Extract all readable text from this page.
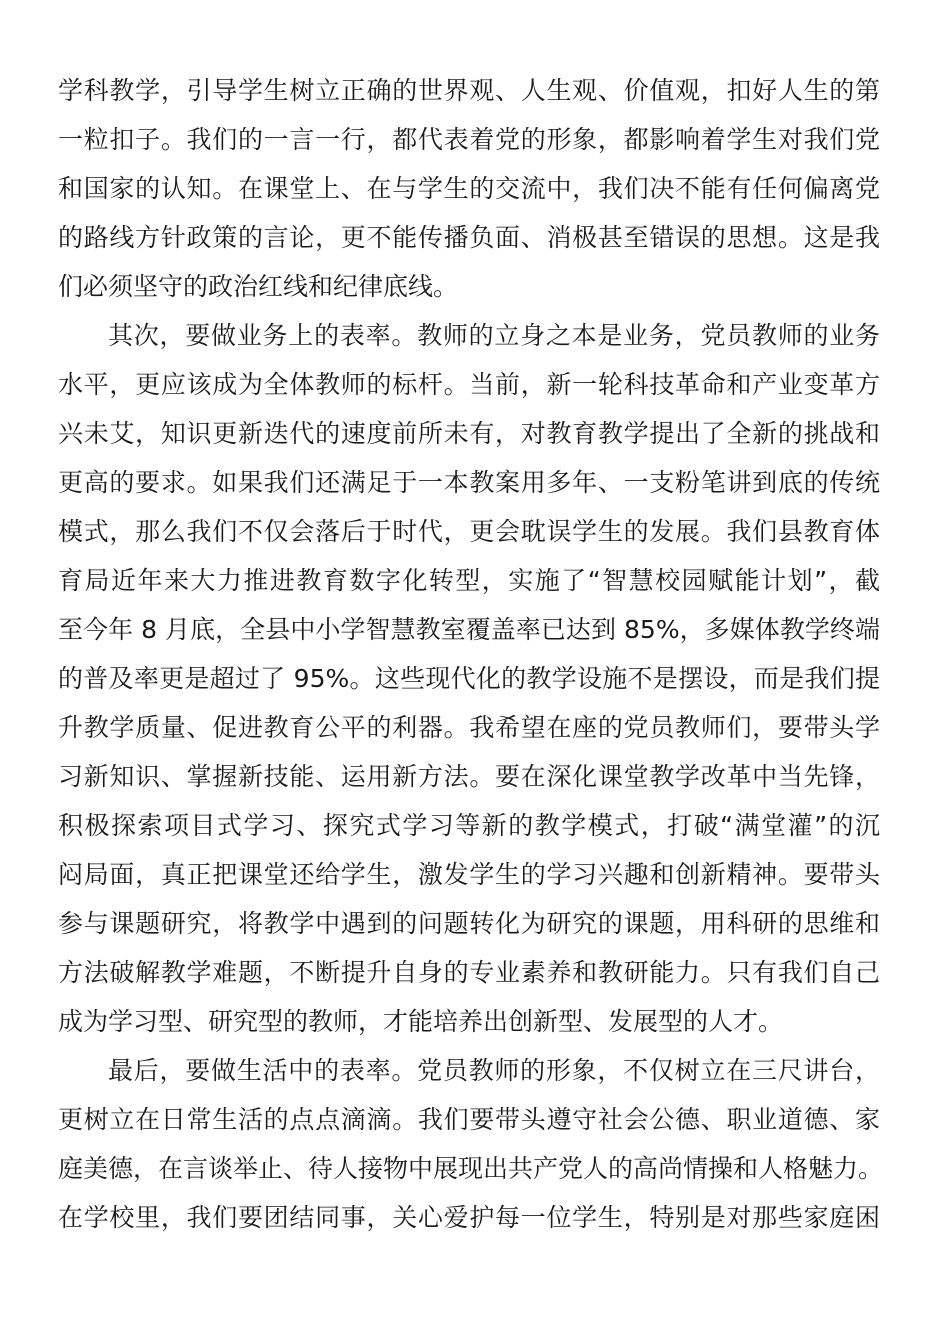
学科教学，引导学生树立正确的世界观、人生观、价值观，扣好人生的第
一粒扣子。我们的一言一行，都代表着党的形象，都影响着学生对我们党
和国家的认知。在课堂上、在与学生的交流中，我们决不能有任何偏离党
的路线方针政策的言论，更不能传播负面、消极甚至错误的思想。这是我
们必须坚守的政治红线和纪律底线。
其次，要做业务上的表率。教师的立身之本是业务，党员教师的业务
水平，更应该成为全体教师的标杆。当前，新一轮科技革命和产业变革方
兴未艾，知识更新迭代的速度前所未有，对教育教学提出了全新的挑战和
更高的要求。如果我们还满足于一本教案用多年、一支粉笔讲到底的传统
模式，那么我们不仅会落后于时代，更会耽误学生的发展。我们县教育体
育局近年来大力推进教育数字化转型，实施了“智慧校园赋能计划”，截
至今年 8 月底，全县中小学智慧教室覆盖率已达到 85%，多媒体教学终端
的普及率更是超过了 95%。这些现代化的教学设施不是摆设，而是我们提
升教学质量、促进教育公平的利器。我希望在座的党员教师们，要带头学
习新知识、掌握新技能、运用新方法。要在深化课堂教学改革中当先锋，
积极探索项目式学习、探究式学习等新的教学模式，打破“满堂灌”的沉
闷局面，真正把课堂还给学生，激发学生的学习兴趣和创新精神。要带头
参与课题研究，将教学中遇到的问题转化为研究的课题，用科研的思维和
方法破解教学难题，不断提升自身的专业素养和教研能力。只有我们自己
成为学习型、研究型的教师，才能培养出创新型、发展型的人才。
最后，要做生活中的表率。党员教师的形象，不仅树立在三尺讲台，
更树立在日常生活的点点滴滴。我们要带头遵守社会公德、职业道德、家
庭美德，在言谈举止、待人接物中展现出共产党人的高尚情操和人格魅力。
在学校里，我们要团结同事，关心爱护每一位学生，特别是对那些家庭困
